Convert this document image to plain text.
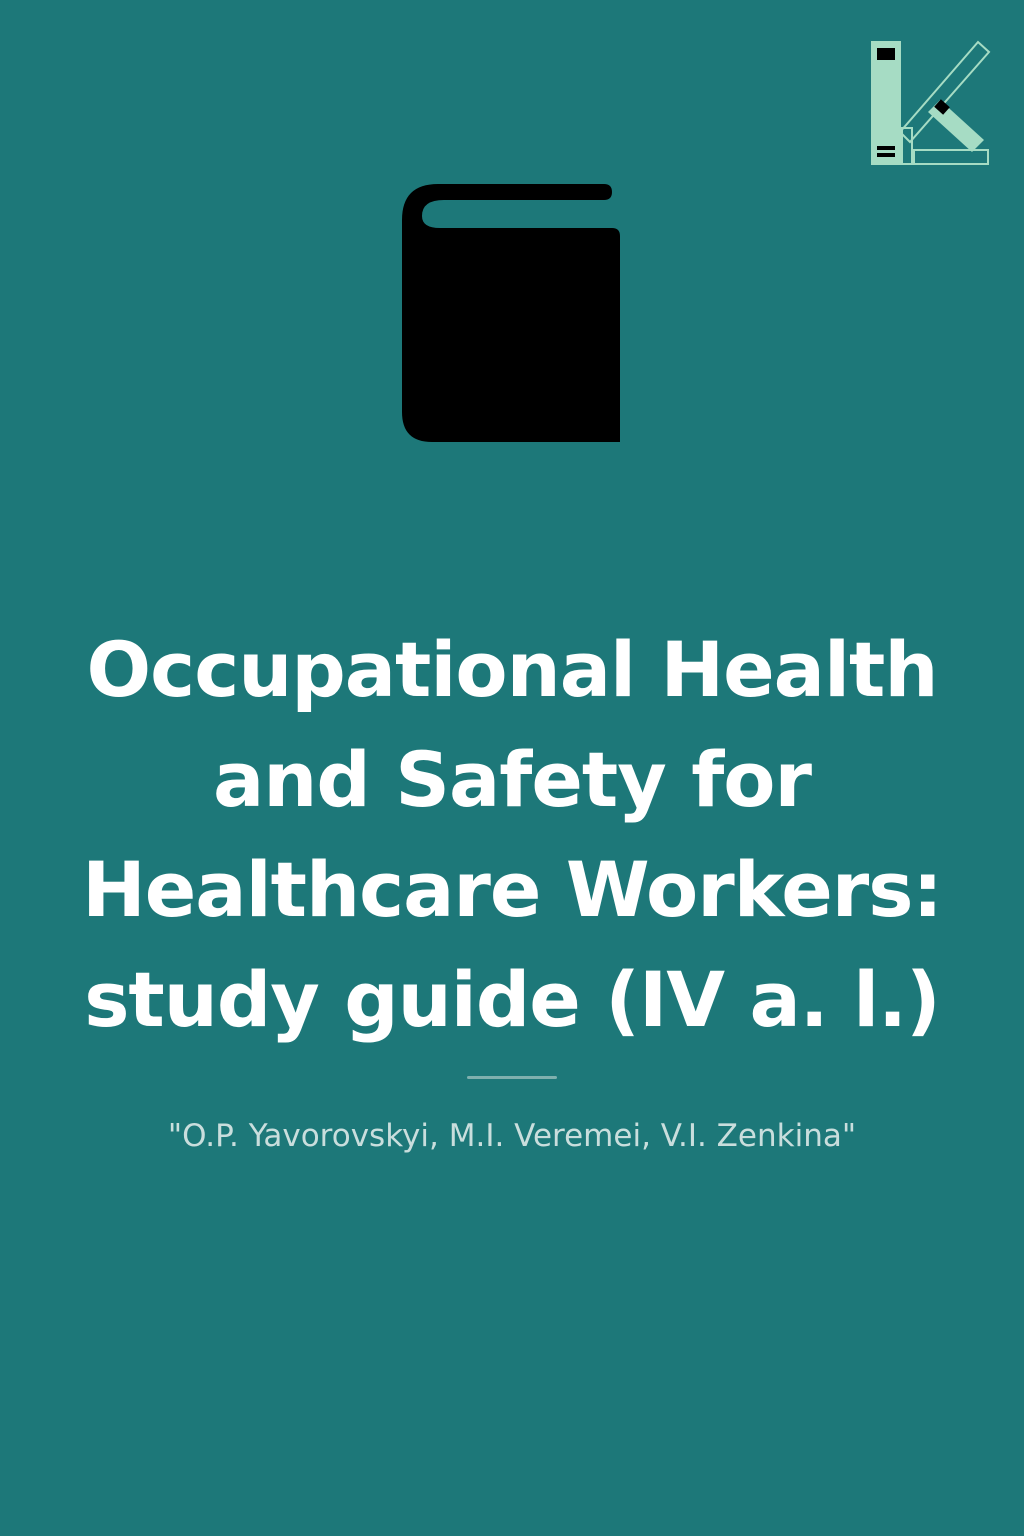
Occupational Health and Safety for Healthcare Workers: study guide (IV a. l.)

"O.P. Yavorovskyi, M.I. Veremei, V.I. Zenkina"
